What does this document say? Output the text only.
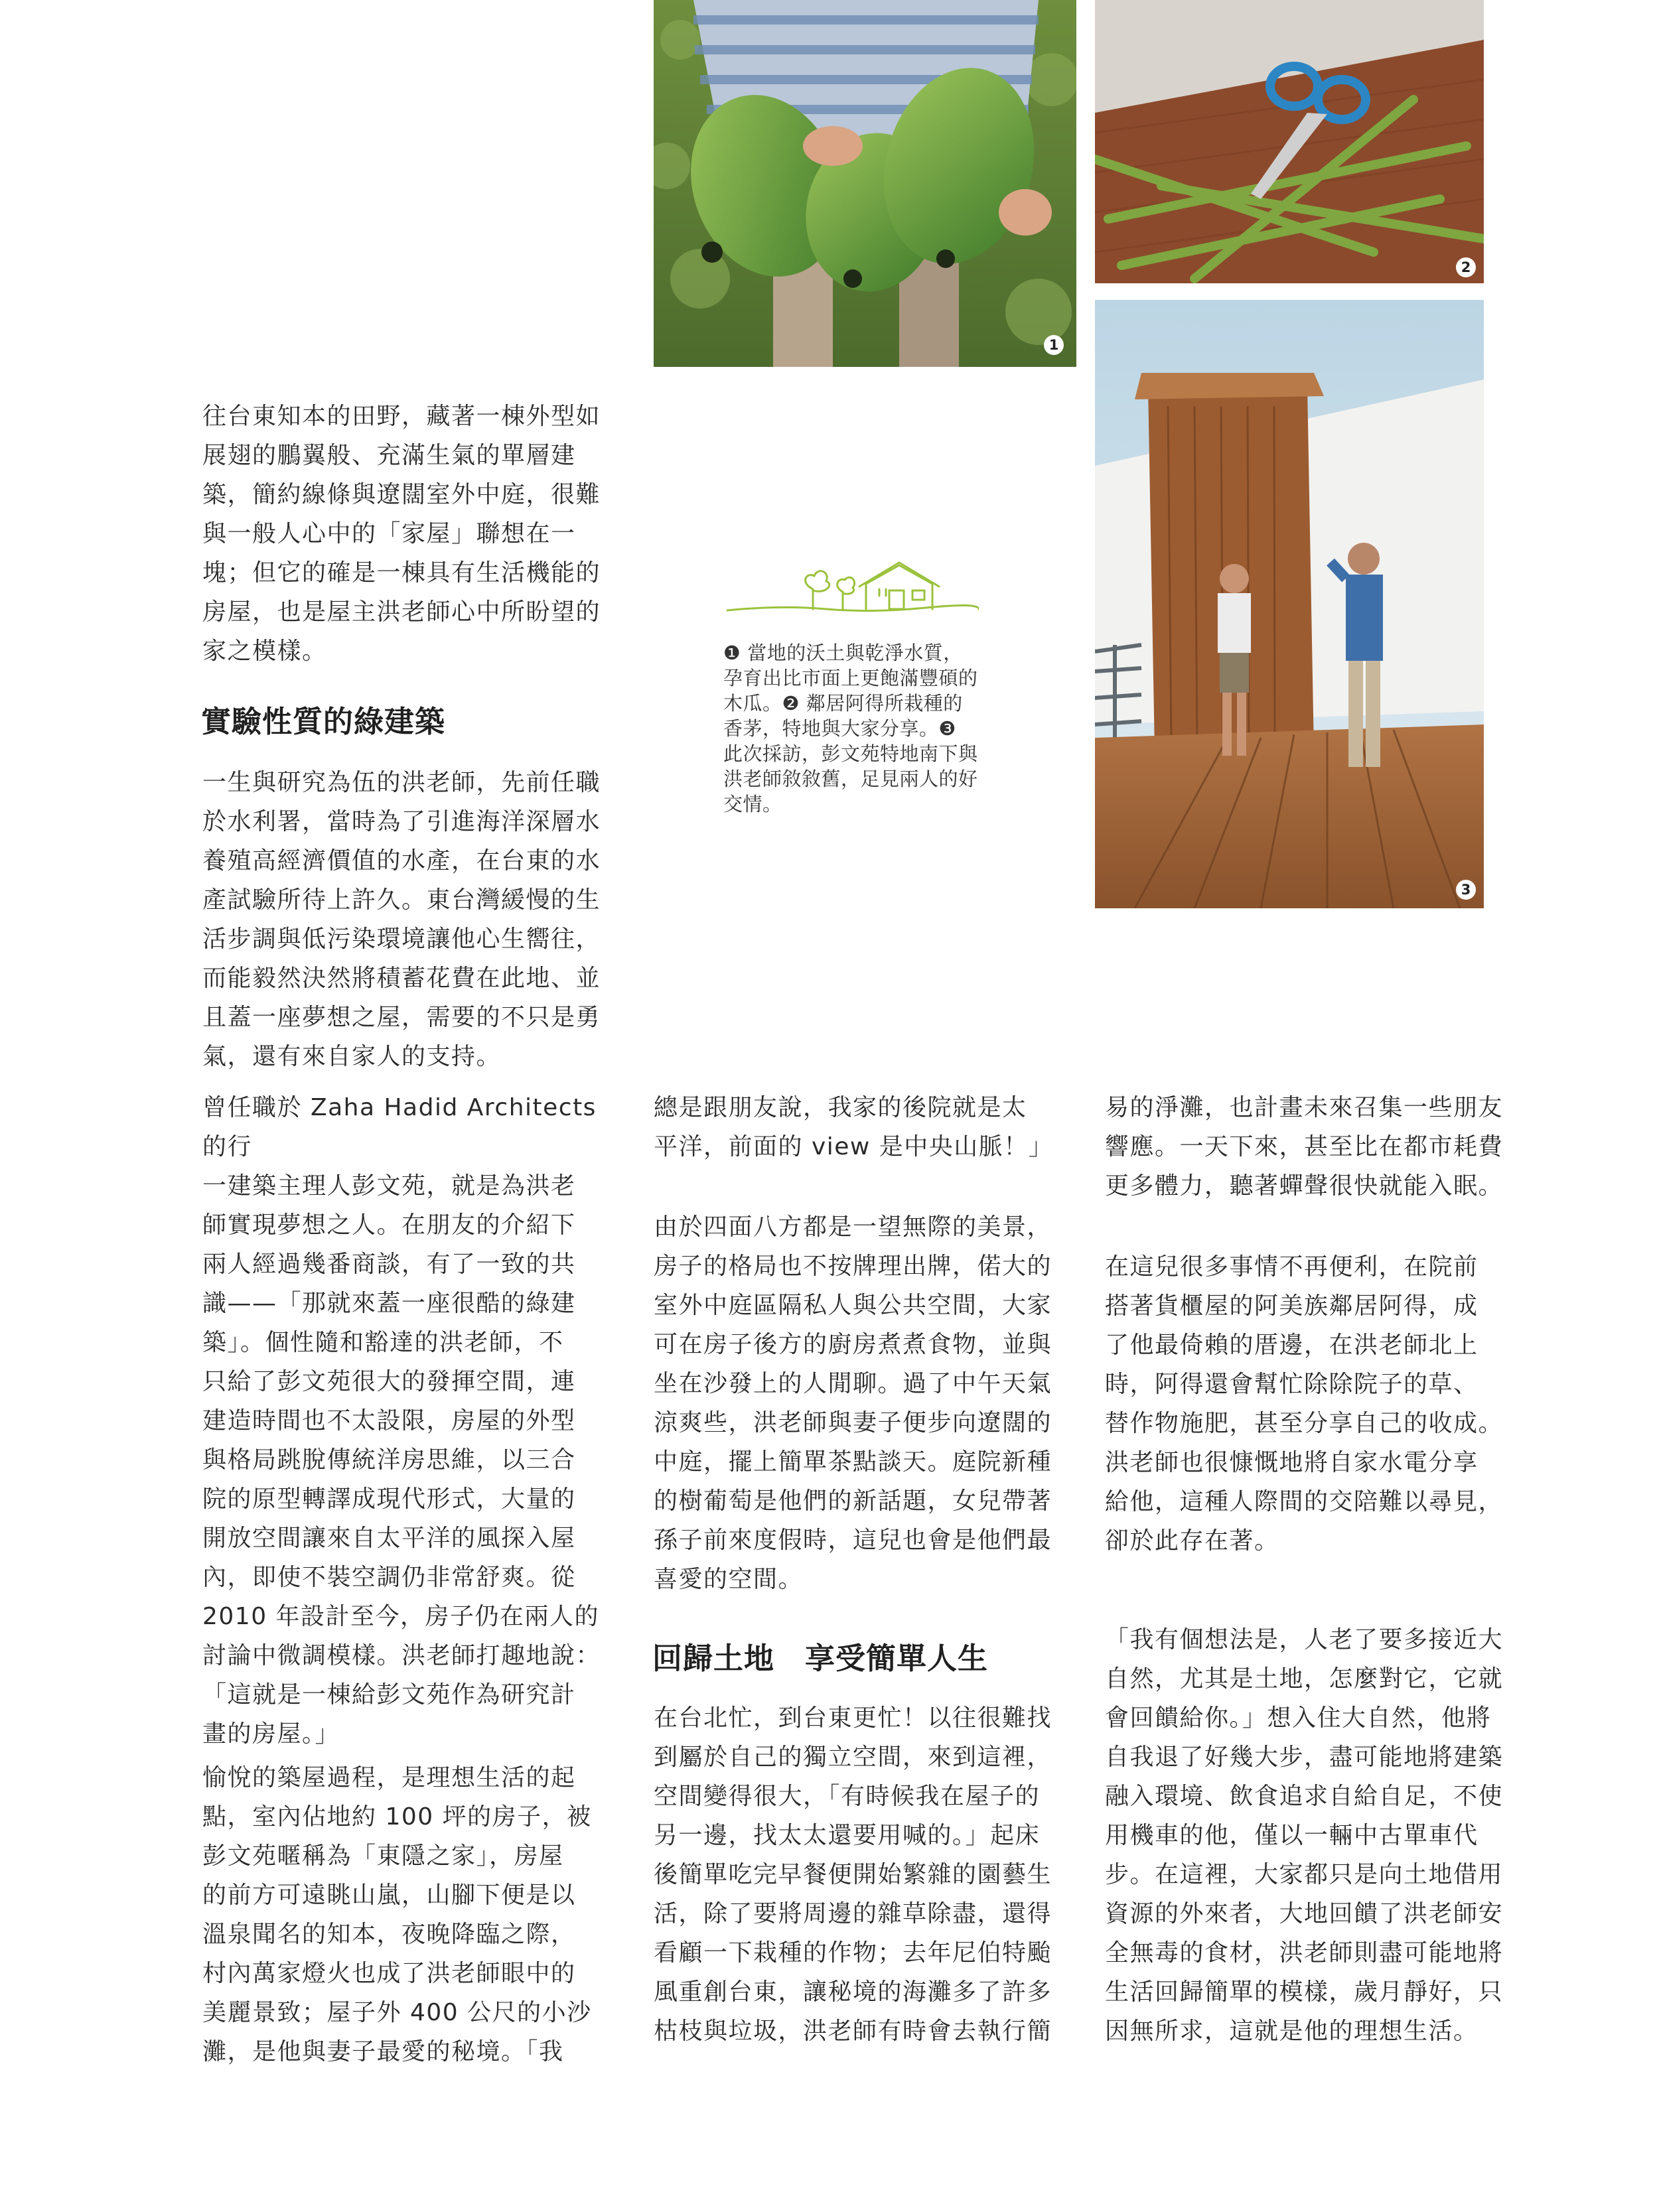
1
2
❶ 當地的沃土與乾淨水質，
孕育出比市面上更飽滿豐碩的
木瓜。❷ 鄰居阿得所栽種的
香茅，特地與大家分享。❸
此次採訪，彭文苑特地南下與
洪老師敘敘舊，足見兩人的好
交情。
3

往台東知本的田野，藏著一棟外型如
展翅的鵬翼般、充滿生氣的單層建
築，簡約線條與遼闊室外中庭，很難
與一般人心中的「家屋」聯想在一
塊；但它的確是一棟具有生活機能的
房屋，也是屋主洪老師心中所盼望的
家之模樣。

實驗性質的綠建築

一生與研究為伍的洪老師，先前任職
於水利署，當時為了引進海洋深層水
養殖高經濟價值的水產，在台東的水
產試驗所待上許久。東台灣緩慢的生
活步調與低污染環境讓他心生嚮往，
而能毅然決然將積蓄花費在此地、並
且蓋一座夢想之屋，需要的不只是勇
氣，還有來自家人的支持。

曾任職於 Zaha Hadid Architects 的行
一建築主理人彭文苑，就是為洪老
師實現夢想之人。在朋友的介紹下
兩人經過幾番商談，有了一致的共
識——「那就來蓋一座很酷的綠建
築」。個性隨和豁達的洪老師，不
只給了彭文苑很大的發揮空間，連
建造時間也不太設限，房屋的外型
與格局跳脫傳統洋房思維，以三合
院的原型轉譯成現代形式，大量的
開放空間讓來自太平洋的風探入屋
內，即使不裝空調仍非常舒爽。從
2010 年設計至今，房子仍在兩人的
討論中微調模樣。洪老師打趣地說：
「這就是一棟給彭文苑作為研究計
畫的房屋。」

愉悅的築屋過程，是理想生活的起
點，室內佔地約 100 坪的房子，被
彭文苑暱稱為「東隱之家」，房屋
的前方可遠眺山嵐，山腳下便是以
溫泉聞名的知本，夜晚降臨之際，
村內萬家燈火也成了洪老師眼中的
美麗景致；屋子外 400 公尺的小沙
灘，是他與妻子最愛的秘境。「我

總是跟朋友說，我家的後院就是太
平洋，前面的 view 是中央山脈！」

由於四面八方都是一望無際的美景，
房子的格局也不按牌理出牌，偌大的
室外中庭區隔私人與公共空間，大家
可在房子後方的廚房煮煮食物，並與
坐在沙發上的人閒聊。過了中午天氣
涼爽些，洪老師與妻子便步向遼闊的
中庭，擺上簡單茶點談天。庭院新種
的樹葡萄是他們的新話題，女兒帶著
孫子前來度假時，這兒也會是他們最
喜愛的空間。

回歸土地　享受簡單人生

在台北忙，到台東更忙！以往很難找
到屬於自己的獨立空間，來到這裡，
空間變得很大，「有時候我在屋子的
另一邊，找太太還要用喊的。」起床
後簡單吃完早餐便開始繁雜的園藝生
活，除了要將周邊的雜草除盡，還得
看顧一下栽種的作物；去年尼伯特颱
風重創台東，讓秘境的海灘多了許多
枯枝與垃圾，洪老師有時會去執行簡

易的淨灘，也計畫未來召集一些朋友
響應。一天下來，甚至比在都市耗費
更多體力，聽著蟬聲很快就能入眠。

在這兒很多事情不再便利，在院前
搭著貨櫃屋的阿美族鄰居阿得，成
了他最倚賴的厝邊，在洪老師北上
時，阿得還會幫忙除除院子的草、
替作物施肥，甚至分享自己的收成。
洪老師也很慷慨地將自家水電分享
給他，這種人際間的交陪難以尋見，
卻於此存在著。

「我有個想法是，人老了要多接近大
自然，尤其是土地，怎麼對它，它就
會回饋給你。」想入住大自然，他將
自我退了好幾大步，盡可能地將建築
融入環境、飲食追求自給自足，不使
用機車的他，僅以一輛中古單車代
步。在這裡，大家都只是向土地借用
資源的外來者，大地回饋了洪老師安
全無毒的食材，洪老師則盡可能地將
生活回歸簡單的模樣，歲月靜好，只
因無所求，這就是他的理想生活。
